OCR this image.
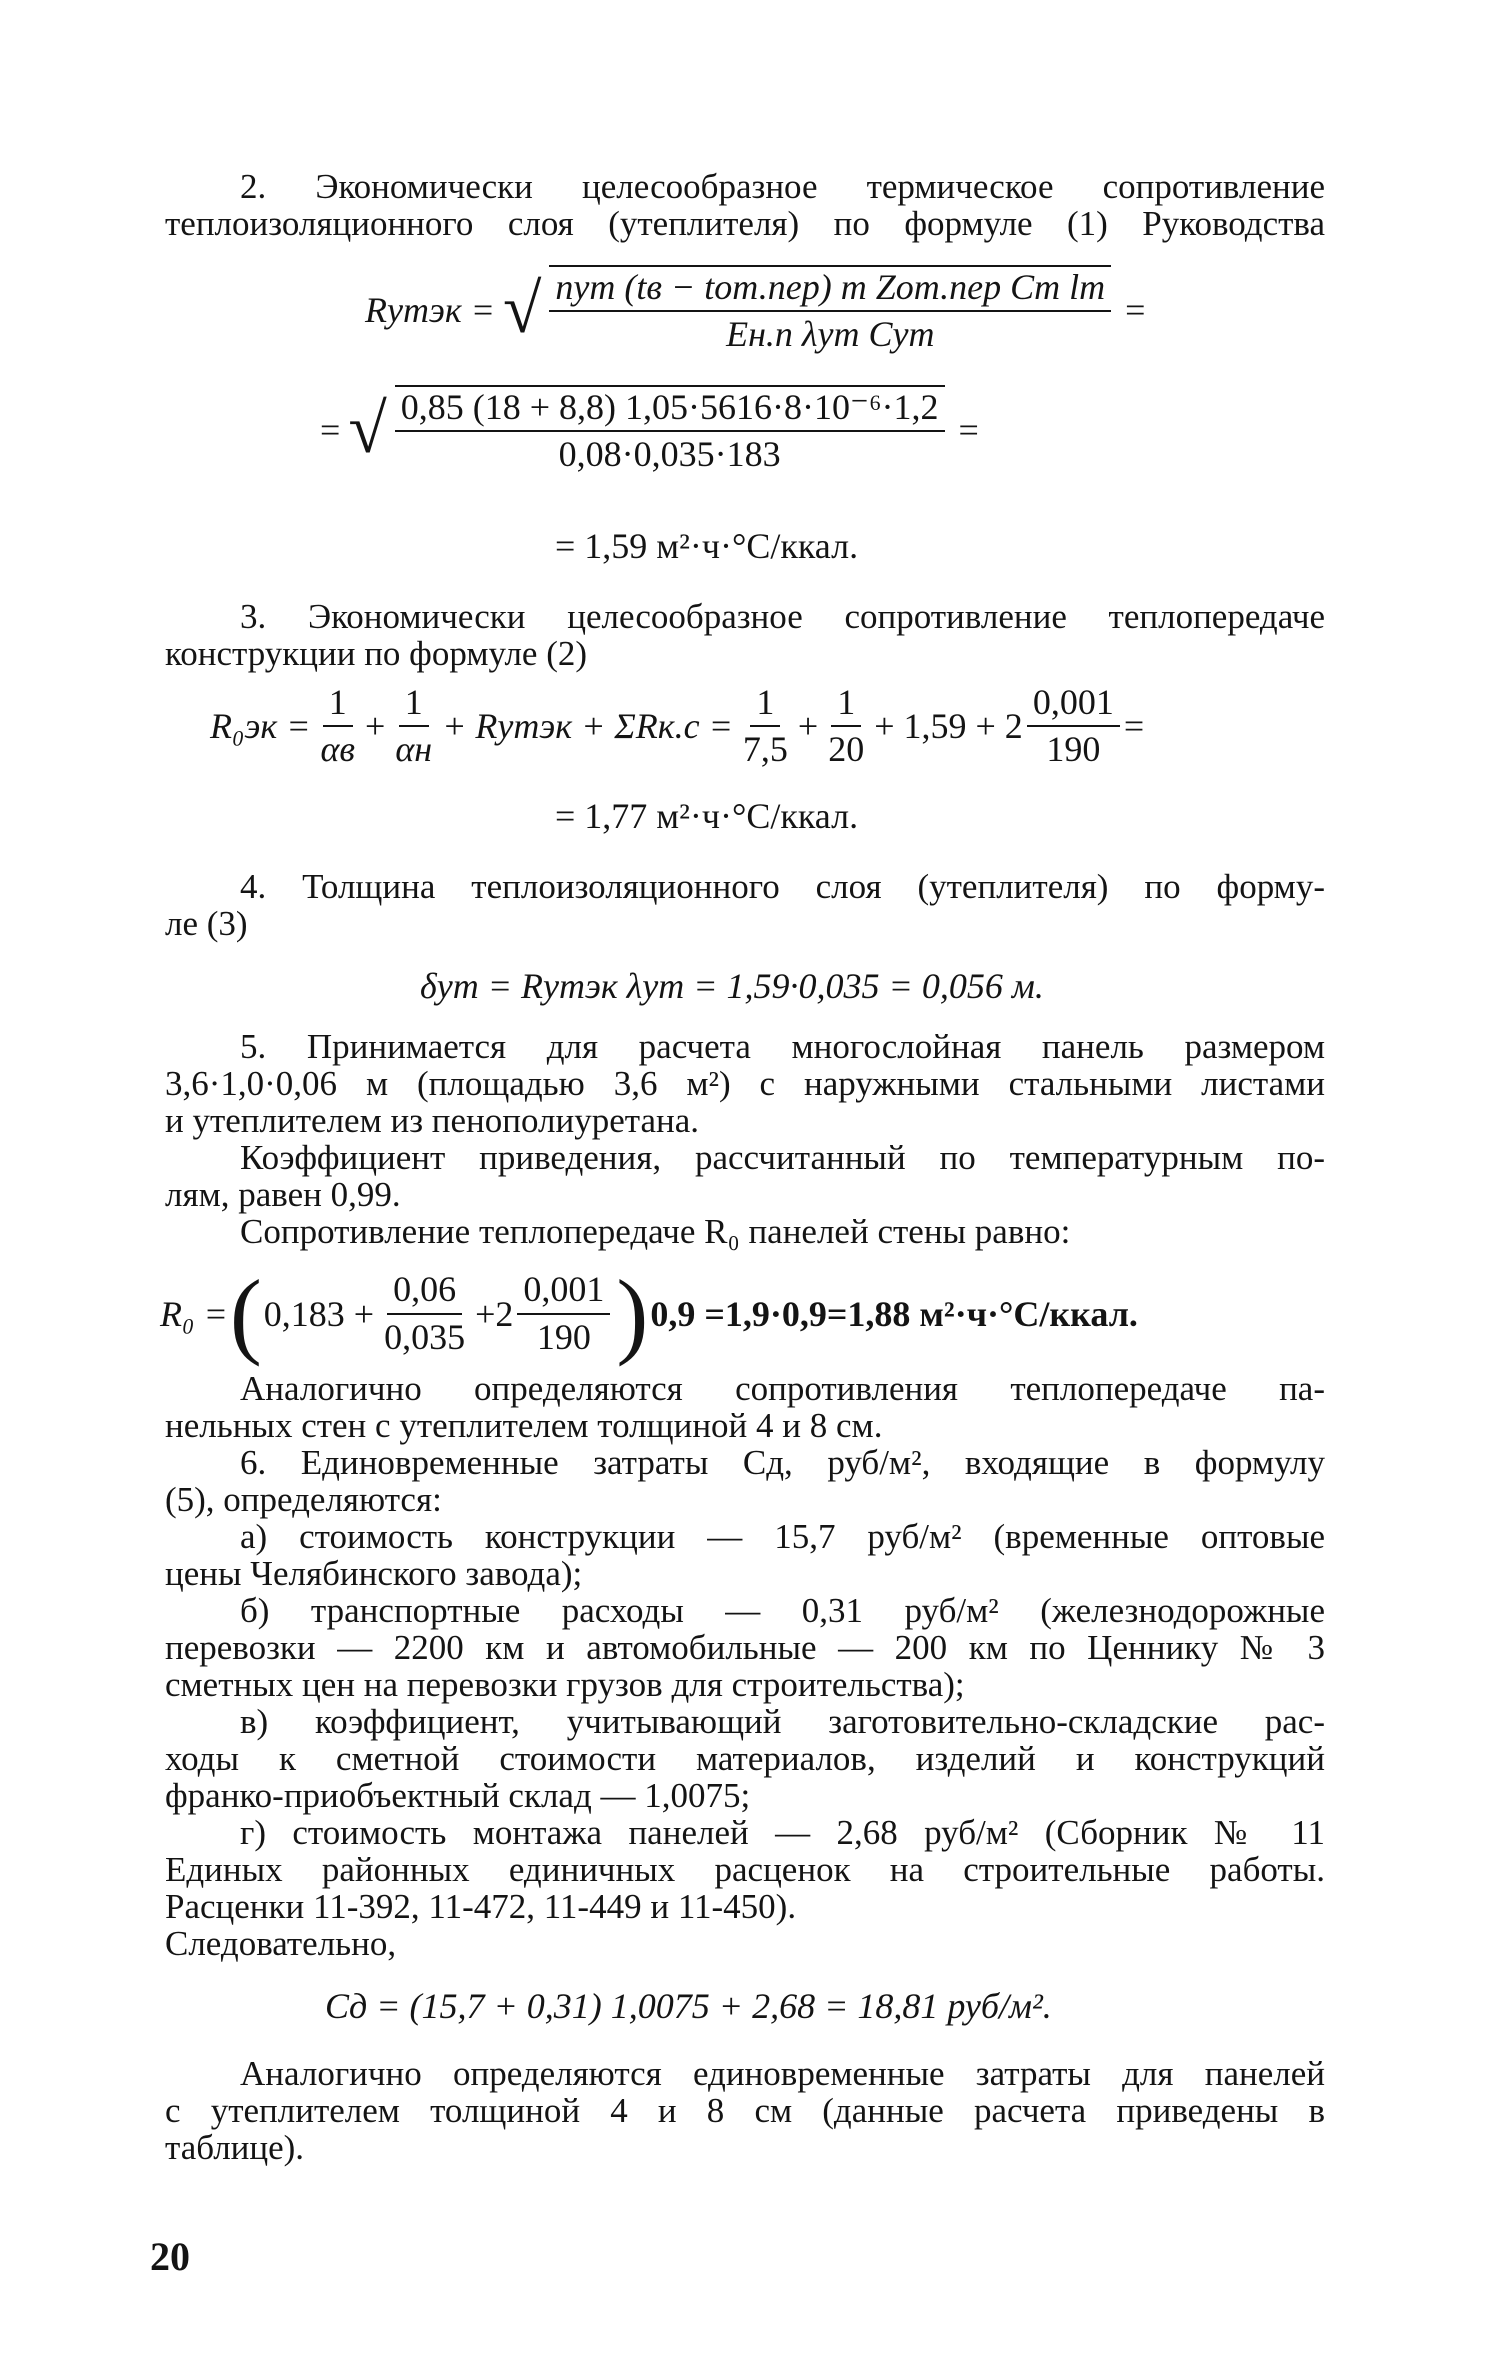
2. Экономически целесообразное термическое сопротивление
теплоизоляционного слоя (утеплителя) по формуле (1) Руководства
Rутэк = √ nут (tв − tот.пер) m Zот.пер Cт lт
Eн.п λут Cут
=
= √ $\frac{\text{0,85 (18 + 8,8) 1,05·5616·8·10⁻⁶·1,2}}{0,08\cdot 0,035\cdot 183}$ =
= 1,59 м²·ч·°С/ккал.
3. Экономически целесообразное сопротивление теплопередаче
конструкции по формуле (2)
R₀эк =
1
αв
+
1
αн
+ Rутэк + $\Sigma Rк.с = \frac{1}{7,5} + \frac{1}{20} + 1,59 + 2 \frac{0,001}{190}$ =
= 1,77 м²·ч·°С/ккал.
4. Толщина теплоизоляционного слоя (утеплителя) по форму-
ле (3)
δут = Rутэк λут = 1,59·0,035 = 0,056 м.
5. Принимается для расчета многослойная панель размером
3,6·1,0·0,06 м (площадью 3,6 м²) с наружными стальными листами
и утеплителем из пенополиуретана.
Коэффициент приведения, рассчитанный по температурным по-
лям, равен 0,99.
Сопротивление теплопередаче R₀ панелей стены равно:
R₀ = ( $0,183 + \frac{0,06}{0,035} +2 \frac{0,001}{190}$ ) 0,9 =1,9·0,9=1,88 м²·ч·°С/ккал.
Аналогично определяются сопротивления теплопередаче па-
нельных стен с утеплителем толщиной 4 и 8 см.
6. Единовременные затраты Cд, руб/м², входящие в формулу
(5), определяются:
а) стоимость конструкции — 15,7 руб/м² (временные оптовые
цены Челябинского завода);
б) транспортные расходы — 0,31 руб/м² (железнодорожные
перевозки — 2200 км и автомобильные — 200 км по Ценнику № 3
сметных цен на перевозки грузов для строительства);
в) коэффициент, учитывающий заготовительно-складские рас-
ходы к сметной стоимости материалов, изделий и конструкций
франко-приобъектный склад — 1,0075;
г) стоимость монтажа панелей — 2,68 руб/м² (Сборник № 11
Единых районных единичных расценок на строительные работы.
Расценки 11-392, 11-472, 11-449 и 11-450).
Следовательно,
Cд = (15,7 + 0,31) 1,0075 + 2,68 = 18,81 руб/м².
Аналогично определяются единовременные затраты для панелей
с утеплителем толщиной 4 и 8 см (данные расчета приведены в
таблице).
20
